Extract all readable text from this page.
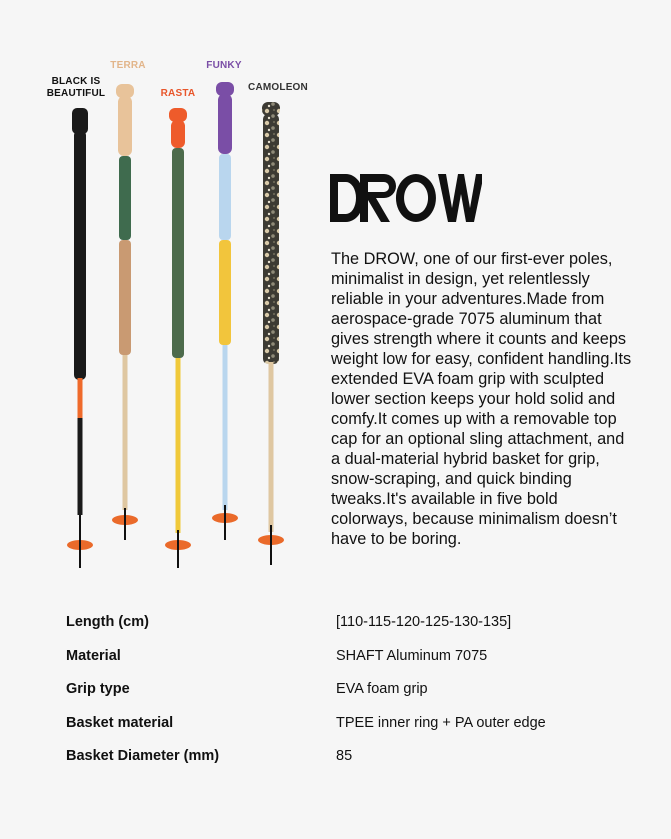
BLACK IS
BEAUTIFUL
TERRA
RASTA
FUNKY
CAMOLEON
The DROW, one of our first-ever poles, minimalist in design, yet relentlessly reliable in your adventures.Made from aerospace-grade 7075 aluminum that gives strength where it counts and keeps weight low for easy, confident handling.Its extended EVA foam grip with sculpted lower section keeps your hold solid and comfy.It comes up with a removable top cap for an optional sling attachment, and a dual-material hybrid basket for grip, snow-scraping, and quick binding tweaks.It's available in five bold colorways, because minimalism doesn’t have to be boring.
Length (cm)	[110-115-120-125-130-135]
Material	SHAFT Aluminum 7075
Grip type	EVA foam grip
Basket material	TPEE inner ring + PA outer edge
Basket Diameter (mm)	85
